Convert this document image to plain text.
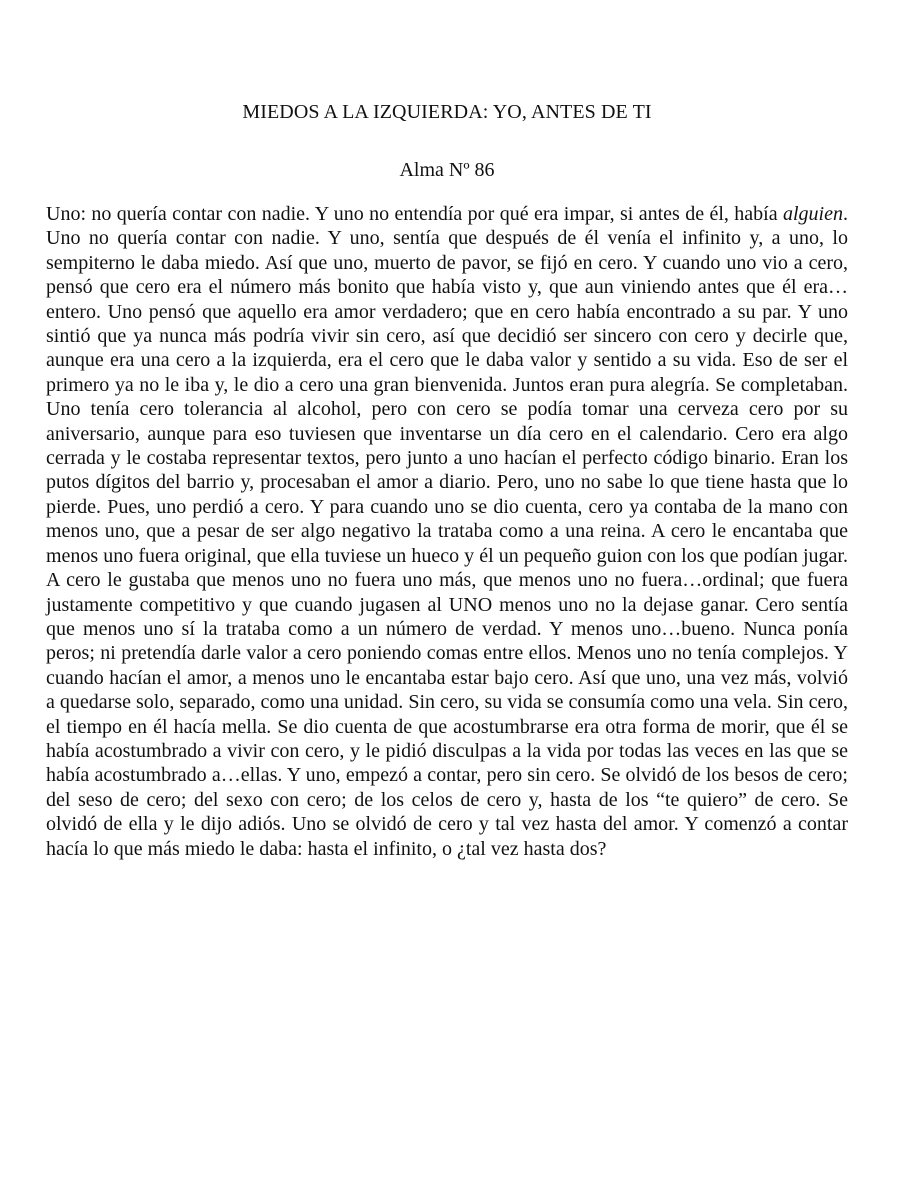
MIEDOS A LA IZQUIERDA: YO, ANTES DE TI
Alma Nº 86

Uno: no quería contar con nadie. Y uno no entendía por qué era impar, si antes de él, había alguien. Uno no quería contar con nadie. Y uno, sentía que después de él venía el infinito y, a uno, lo sempiterno le daba miedo. Así que uno, muerto de pavor, se fijó en cero. Y cuando uno vio a cero, pensó que cero era el número más bonito que había visto y, que aun viniendo antes que él era…entero. Uno pensó que aquello era amor verdadero; que en cero había encontrado a su par. Y uno sintió que ya nunca más podría vivir sin cero, así que decidió ser sincero con cero y decirle que, aunque era una cero a la izquierda, era el cero que le daba valor y sentido a su vida. Eso de ser el primero ya no le iba y, le dio a cero una gran bienvenida. Juntos eran pura alegría. Se completaban. Uno tenía cero tolerancia al alcohol, pero con cero se podía tomar una cerveza cero por su aniversario, aunque para eso tuviesen que inventarse un día cero en el calendario. Cero era algo cerrada y le costaba representar textos, pero junto a uno hacían el perfecto código binario. Eran los putos dígitos del barrio y, procesaban el amor a diario. Pero, uno no sabe lo que tiene hasta que lo pierde. Pues, uno perdió a cero. Y para cuando uno se dio cuenta, cero ya contaba de la mano con menos uno, que a pesar de ser algo negativo la trataba como a una reina. A cero le encantaba que menos uno fuera original, que ella tuviese un hueco y él un pequeño guion con los que podían jugar. A cero le gustaba que menos uno no fuera uno más, que menos uno no fuera…ordinal; que fuera justamente competitivo y que cuando jugasen al UNO menos uno no la dejase ganar. Cero sentía que menos uno sí la trataba como a un número de verdad. Y menos uno…bueno. Nunca ponía peros; ni pretendía darle valor a cero poniendo comas entre ellos. Menos uno no tenía complejos. Y cuando hacían el amor, a menos uno le encantaba estar bajo cero. Así que uno, una vez más, volvió a quedarse solo, separado, como una unidad. Sin cero, su vida se consumía como una vela. Sin cero, el tiempo en él hacía mella. Se dio cuenta de que acostumbrarse era otra forma de morir, que él se había acostumbrado a vivir con cero, y le pidió disculpas a la vida por todas las veces en las que se había acostumbrado a…ellas. Y uno, empezó a contar, pero sin cero. Se olvidó de los besos de cero; del seso de cero; del sexo con cero; de los celos de cero y, hasta de los “te quiero” de cero. Se olvidó de ella y le dijo adiós. Uno se olvidó de cero y tal vez hasta del amor. Y comenzó a contar hacía lo que más miedo le daba: hasta el infinito, o ¿tal vez hasta dos?
